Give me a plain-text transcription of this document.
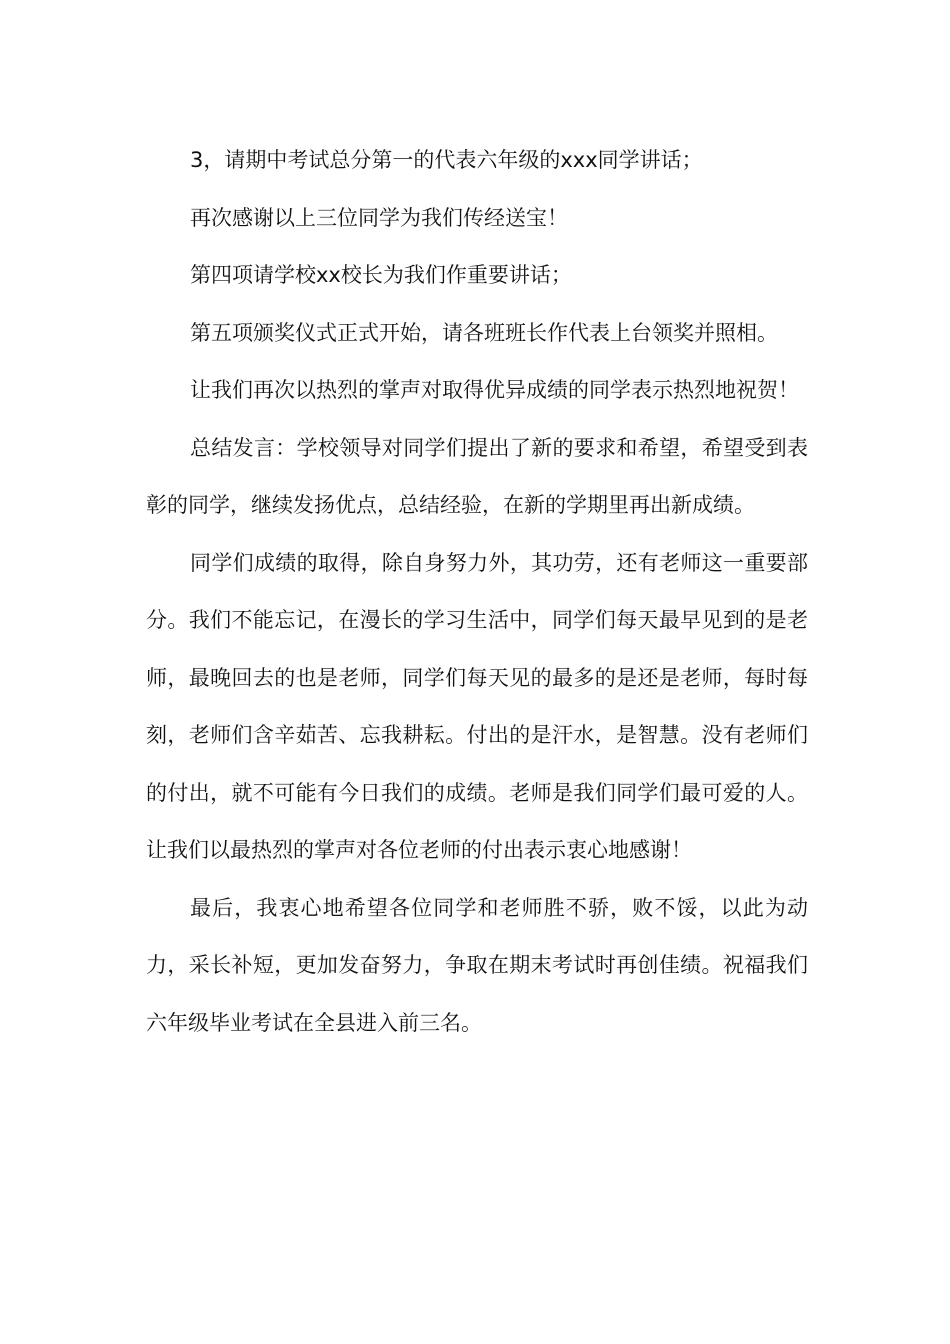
3，请期中考试总分第一的代表六年级的xxx同学讲话；

再次感谢以上三位同学为我们传经送宝！

第四项请学校xx校长为我们作重要讲话；

第五项颁奖仪式正式开始，请各班班长作代表上台领奖并照相。

让我们再次以热烈的掌声对取得优异成绩的同学表示热烈地祝贺！

总结发言：学校领导对同学们提出了新的要求和希望，希望受到表彰的同学，继续发扬优点，总结经验，在新的学期里再出新成绩。

同学们成绩的取得，除自身努力外，其功劳，还有老师这一重要部分。我们不能忘记，在漫长的学习生活中，同学们每天最早见到的是老师，最晚回去的也是老师，同学们每天见的最多的是还是老师，每时每刻，老师们含辛茹苦、忘我耕耘。付出的是汗水，是智慧。没有老师们的付出，就不可能有今日我们的成绩。老师是我们同学们最可爱的人。让我们以最热烈的掌声对各位老师的付出表示衷心地感谢！

最后，我衷心地希望各位同学和老师胜不骄，败不馁，以此为动力，采长补短，更加发奋努力，争取在期末考试时再创佳绩。祝福我们六年级毕业考试在全县进入前三名。
